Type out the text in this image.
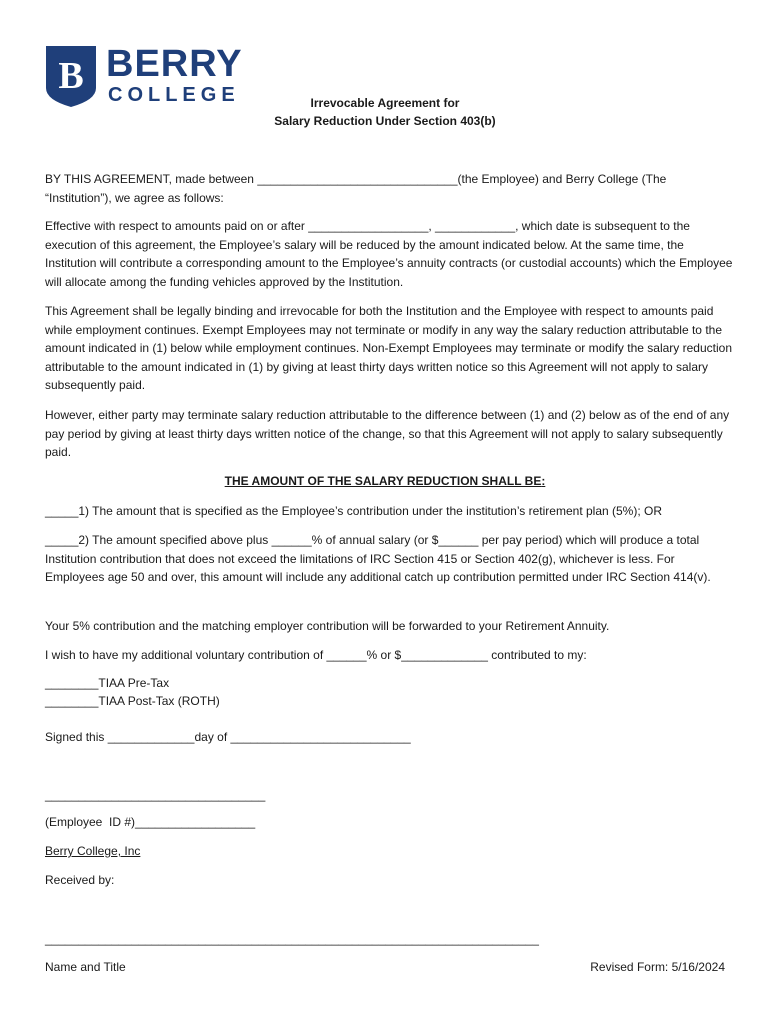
B BERRY
COLLEGE	Irrevocable Agreement for
Salary Reduction Under Section 403(b)

BY THIS AGREEMENT, made between ______________________________(the Employee) and Berry College (The “Institution”), we agree as follows:

Effective with respect to amounts paid on or after __________________, ____________, which date is subsequent to the execution of this agreement, the Employee’s salary will be reduced by the amount indicated below. At the same time, the Institution will contribute a corresponding amount to the Employee’s annuity contracts (or custodial accounts) which the Employee will allocate among the funding vehicles approved by the Institution.

This Agreement shall be legally binding and irrevocable for both the Institution and the Employee with respect to amounts paid while employment continues. Exempt Employees may not terminate or modify in any way the salary reduction attributable to the amount indicated in (1) below while employment continues. Non-Exempt Employees may terminate or modify the salary reduction attributable to the amount indicated in (1) by giving at least thirty days written notice so this Agreement will not apply to salary subsequently paid.

However, either party may terminate salary reduction attributable to the difference between (1) and (2) below as of the end of any pay period by giving at least thirty days written notice of the change, so that this Agreement will not apply to salary subsequently paid.

THE AMOUNT OF THE SALARY REDUCTION SHALL BE:

_____1) The amount that is specified as the Employee’s contribution under the institution’s retirement plan (5%); OR

_____2) The amount specified above plus ______% of annual salary (or $______ per pay period) which will produce a total Institution contribution that does not exceed the limitations of IRC Section 415 or Section 402(g), whichever is less. For Employees age 50 and over, this amount will include any additional catch up contribution permitted under IRC Section 414(v).

Your 5% contribution and the matching employer contribution will be forwarded to your Retirement Annuity.

I wish to have my additional voluntary contribution of ______% or $_____________ contributed to my:

________TIAA Pre-Tax
________TIAA Post-Tax (ROTH)
Signed this _____________day of ___________________________
_________________________________
(Employee  ID #)__________________
Berry College, Inc
Received by:
__________________________________________________________________________
Name and Title	Revised Form: 5/16/2024
